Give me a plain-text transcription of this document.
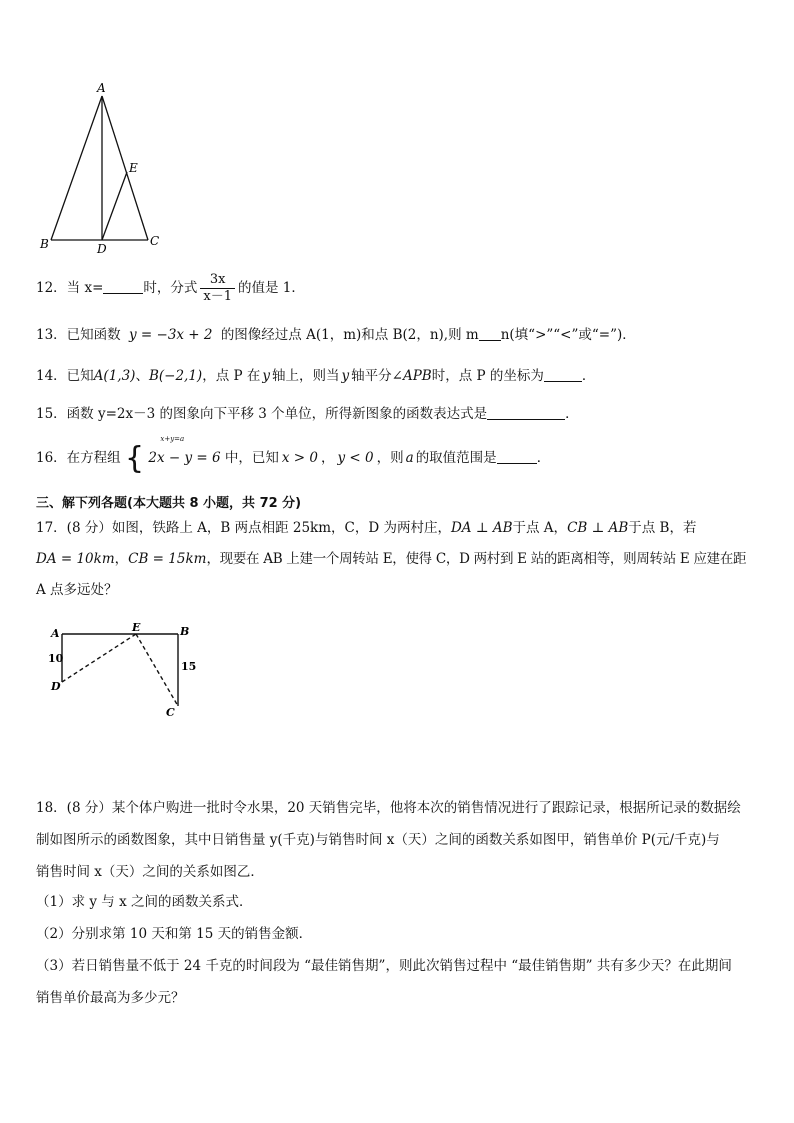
A
B	C
D
E
12．当 x=	时，分式 $\frac{3x}{x-1}$ 的值是 1．
13．已知函数 y = −3x + 2 的图像经过点 A(1，m)和点 B(2，n),则 m n(填“>”“<”或“=”)．
14．已知A(1,3)、B(−2,1)，点 P 在 y 轴上，则当 y 轴平分∠APB时，点 P 的坐标为	．
15．函数 y=2x－3 的图象向下平移 3 个单位，所得新图象的函数表达式是	．
16．在方程组 {
x+y=a
2x − y = 6 中，已知 x > 0 ， y < 0 ，则 a 的取值范围是	．
三、解下列各题(本大题共 8 小题，共 72 分)
17．(8 分）如图，铁路上 A，B 两点相距 25km，C，D 为两村庄，DA ⊥ AB于点 A，CB ⊥ AB于点 B，若
DA = 10km，CB = 15km，现要在 AB 上建一个周转站 E，使得 C，D 两村到 E 站的距离相等，则周转站 E 应建在距
A 点多远处？
A	E	B
D
C
10
15
18．(8 分）某个体户购进一批时令水果，20 天销售完毕，他将本次的销售情况进行了跟踪记录，根据所记录的数据绘
制如图所示的函数图象，其中日销售量 y(千克)与销售时间 x（天）之间的函数关系如图甲，销售单价 P(元/千克)与
销售时间 x（天）之间的关系如图乙．
（1）求 y 与 x 之间的函数关系式．
（2）分别求第 10 天和第 15 天的销售金额．
（3）若日销售量不低于 24 千克的时间段为 “最佳销售期”，则此次销售过程中 “最佳销售期” 共有多少天？在此期间
销售单价最高为多少元？
